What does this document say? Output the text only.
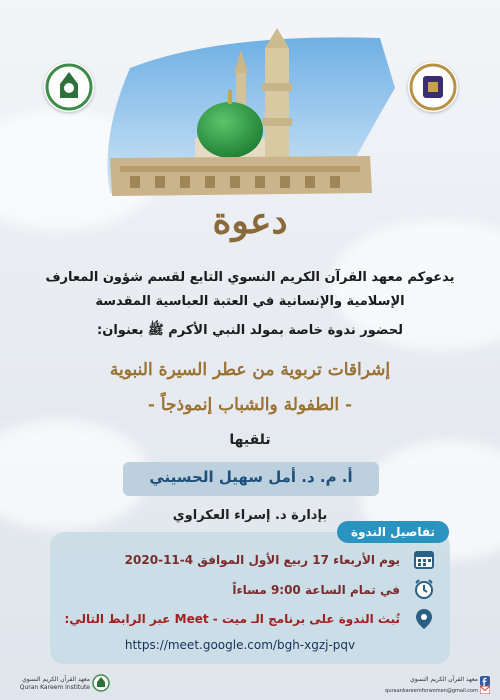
دعوة
يدعوكم معهد القرآن الكريم النسوي التابع لقسم شؤون المعارف
الإسلامية والإنسانية في العتبة العباسية المقدسة
لحضور ندوة خاصة بمولد النبي الأكرم ﷺ بعنوان:
إشراقات تربوية من عطر السيرة النبوية
- الطفولة والشباب إنموذجاً -
تلقيها
أ. م. د. أمل سهيل الحسيني
بإدارة د. إسراء العكراوي
تفاصيل الندوة
يوم الأربعاء 17 ربيع الأول الموافق 4-11-2020
في تمام الساعة 9:00 مساءاً
تُبث الندوة على برنامج الـ ميت - Meet عبر الرابط التالي:
https://meet.google.com/bgh-xgzj-pqv
معهد القرآن الكريم النسوي
Quran Kareem Institute
معهد القرآن الكريم النسوي
quraankareemforwomen@gmail.com
